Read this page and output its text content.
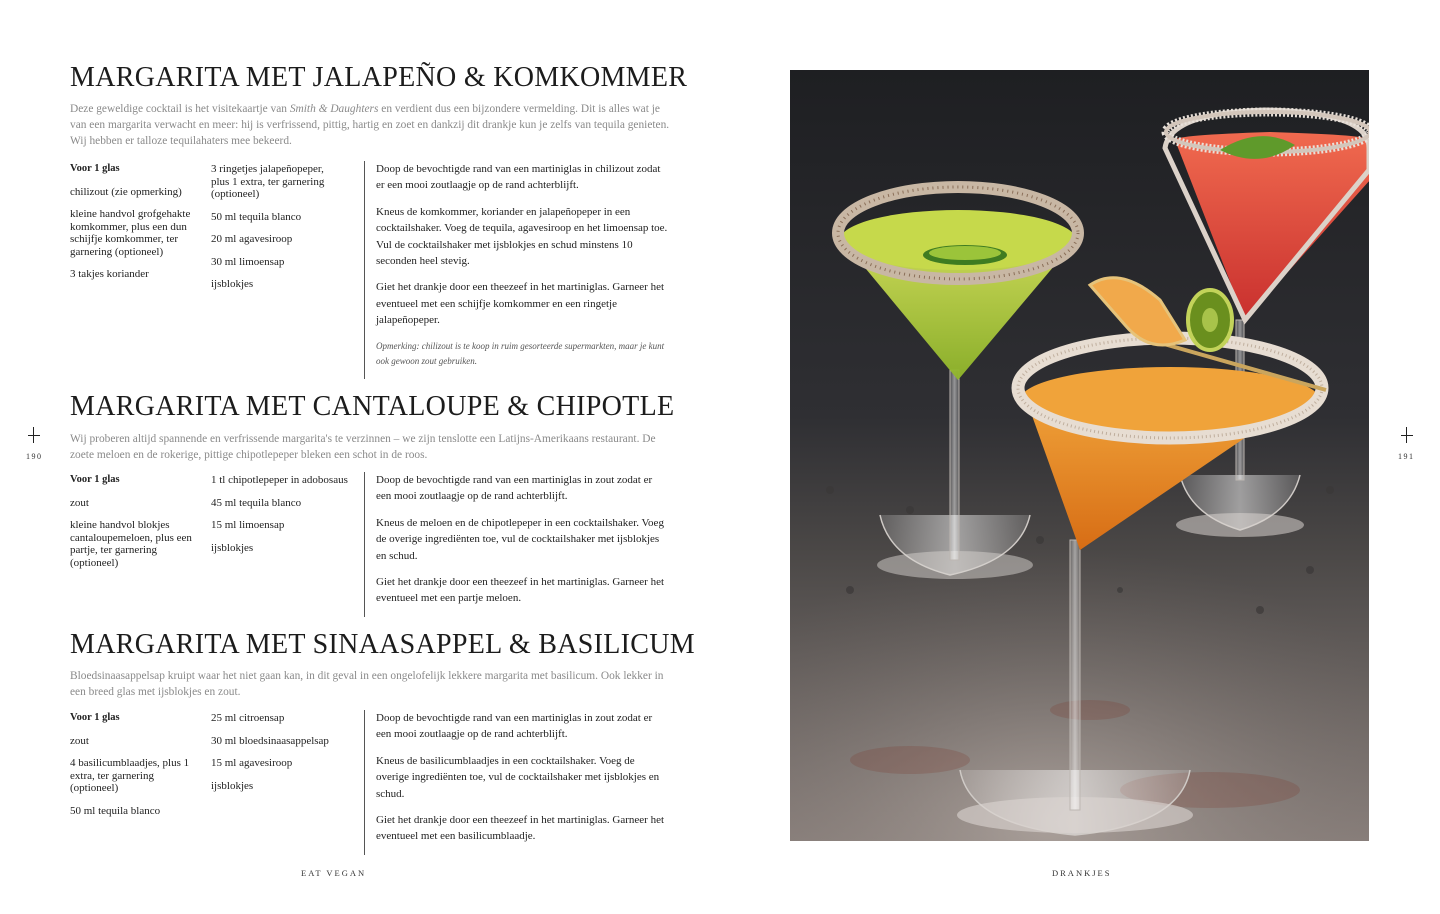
MARGARITA MET JALAPEÑO & KOMKOMMER

Deze geweldige cocktail is het visitekaartje van Smith & Daughters en verdient dus een bijzondere vermelding. Dit is alles wat je van een margarita verwacht en meer: hij is verfrissend, pittig, hartig en zoet en dankzij dit drankje kun je zelfs van tequila genieten. Wij hebben er talloze tequilahaters mee bekeerd.

Voor 1 glas
chilizout (zie opmerking)
kleine handvol grofgehakte komkommer, plus een dun schijfje komkommer, ter garnering (optioneel)
3 takjes koriander
3 ringetjes jalapeñopeper, plus 1 extra, ter garnering (optioneel)
50 ml tequila blanco
20 ml agavesiroop
30 ml limoensap
ijsblokjes

Doop de bevochtigde rand van een martiniglas in chilizout zodat er een mooi zoutlaagje op de rand achterblijft.

Kneus de komkommer, koriander en jalapeñopeper in een cocktailshaker. Voeg de tequila, agavesiroop en het limoensap toe. Vul de cocktailshaker met ijsblokjes en schud minstens 10 seconden heel stevig.

Giet het drankje door een theezeef in het martiniglas. Garneer het eventueel met een schijfje komkommer en een ringetje jalapeñopeper.

Opmerking: chilizout is te koop in ruim gesorteerde supermarkten, maar je kunt ook gewoon zout gebruiken.

MARGARITA MET CANTALOUPE & CHIPOTLE

Wij proberen altijd spannende en verfrissende margarita's te verzinnen – we zijn tenslotte een Latijns-Amerikaans restaurant. De zoete meloen en de rokerige, pittige chipotlepeper bleken een schot in de roos.

Voor 1 glas
zout
kleine handvol blokjes cantaloupemeloen, plus een partje, ter garnering (optioneel)
1 tl chipotlepeper in adobosaus
45 ml tequila blanco
15 ml limoensap
ijsblokjes

Doop de bevochtigde rand van een martiniglas in zout zodat er een mooi zoutlaagje op de rand achterblijft.

Kneus de meloen en de chipotlepeper in een cocktailshaker. Voeg de overige ingrediënten toe, vul de cocktailshaker met ijsblokjes en schud.

Giet het drankje door een theezeef in het martiniglas. Garneer het eventueel met een partje meloen.

MARGARITA MET SINAASAPPEL & BASILICUM

Bloedsinaasappelsap kruipt waar het niet gaan kan, in dit geval in een ongelofelijk lekkere margarita met basilicum. Ook lekker in een breed glas met ijsblokjes en zout.

Voor 1 glas
zout
4 basilicumblaadjes, plus 1 extra, ter garnering (optioneel)
50 ml tequila blanco
25 ml citroensap
30 ml bloedsinaasappelsap
15 ml agavesiroop
ijsblokjes

Doop de bevochtigde rand van een martiniglas in zout zodat er een mooi zoutlaagje op de rand achterblijft.

Kneus de basilicumblaadjes in een cocktailshaker. Voeg de overige ingrediënten toe, vul de cocktailshaker met ijsblokjes en schud.

Giet het drankje door een theezeef in het martiniglas. Garneer het eventueel met een basilicumblaadje.

190	191
EAT VEGAN	DRANKJES
